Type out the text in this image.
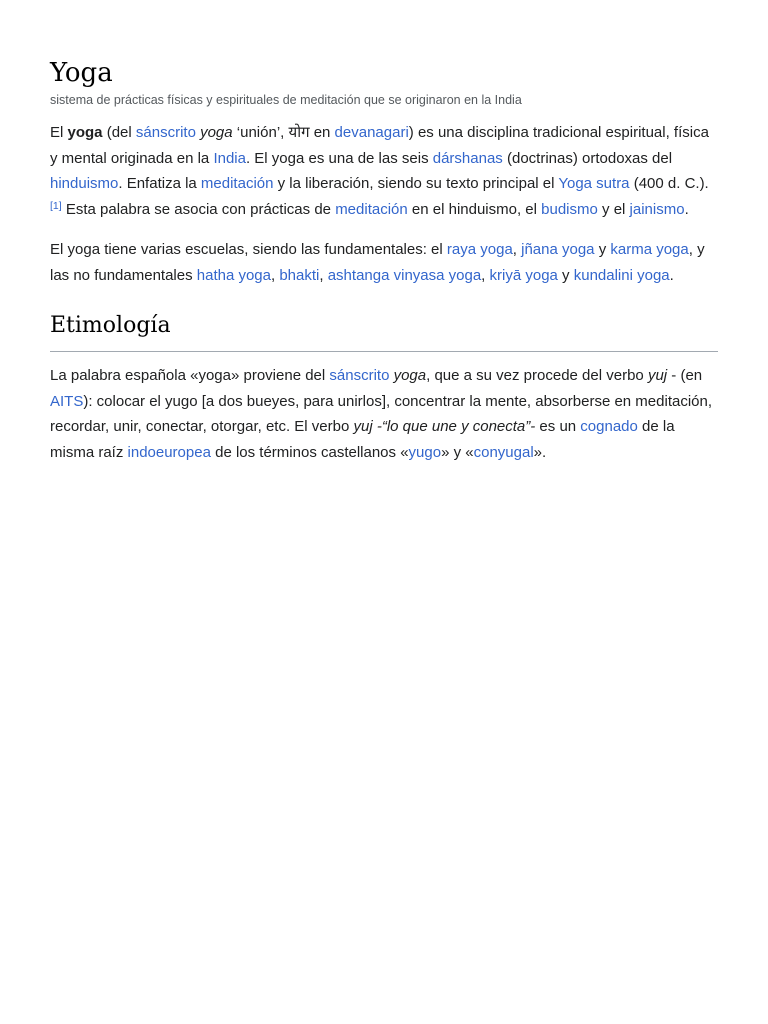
Yoga
sistema de prácticas físicas y espirituales de meditación que se originaron en la India

El yoga (del sánscrito yoga ‘unión’, योग en devanagari) es una disciplina tradicional espiritual, física y mental originada en la India. El yoga es una de las seis dárshanas (doctrinas) ortodoxas del hinduismo. Enfatiza la meditación y la liberación, siendo su texto principal el Yoga sutra (400 d. C.).[1] Esta palabra se asocia con prácticas de meditación en el hinduismo, el budismo y el jainismo.

El yoga tiene varias escuelas, siendo las fundamentales: el raya yoga, jñana yoga y karma yoga, y las no fundamentales hatha yoga, bhakti, ashtanga vinyasa yoga, kriyā yoga y kundalini yoga.

Etimología

La palabra española «yoga» proviene del sánscrito yoga, que a su vez procede del verbo yuj - (en AITS): colocar el yugo [a dos bueyes, para unirlos], concentrar la mente, absorberse en meditación, recordar, unir, conectar, otorgar, etc. El verbo yuj -“lo que une y conecta”- es un cognado de la misma raíz indoeuropea de los términos castellanos «yugo» y «conyugal».
